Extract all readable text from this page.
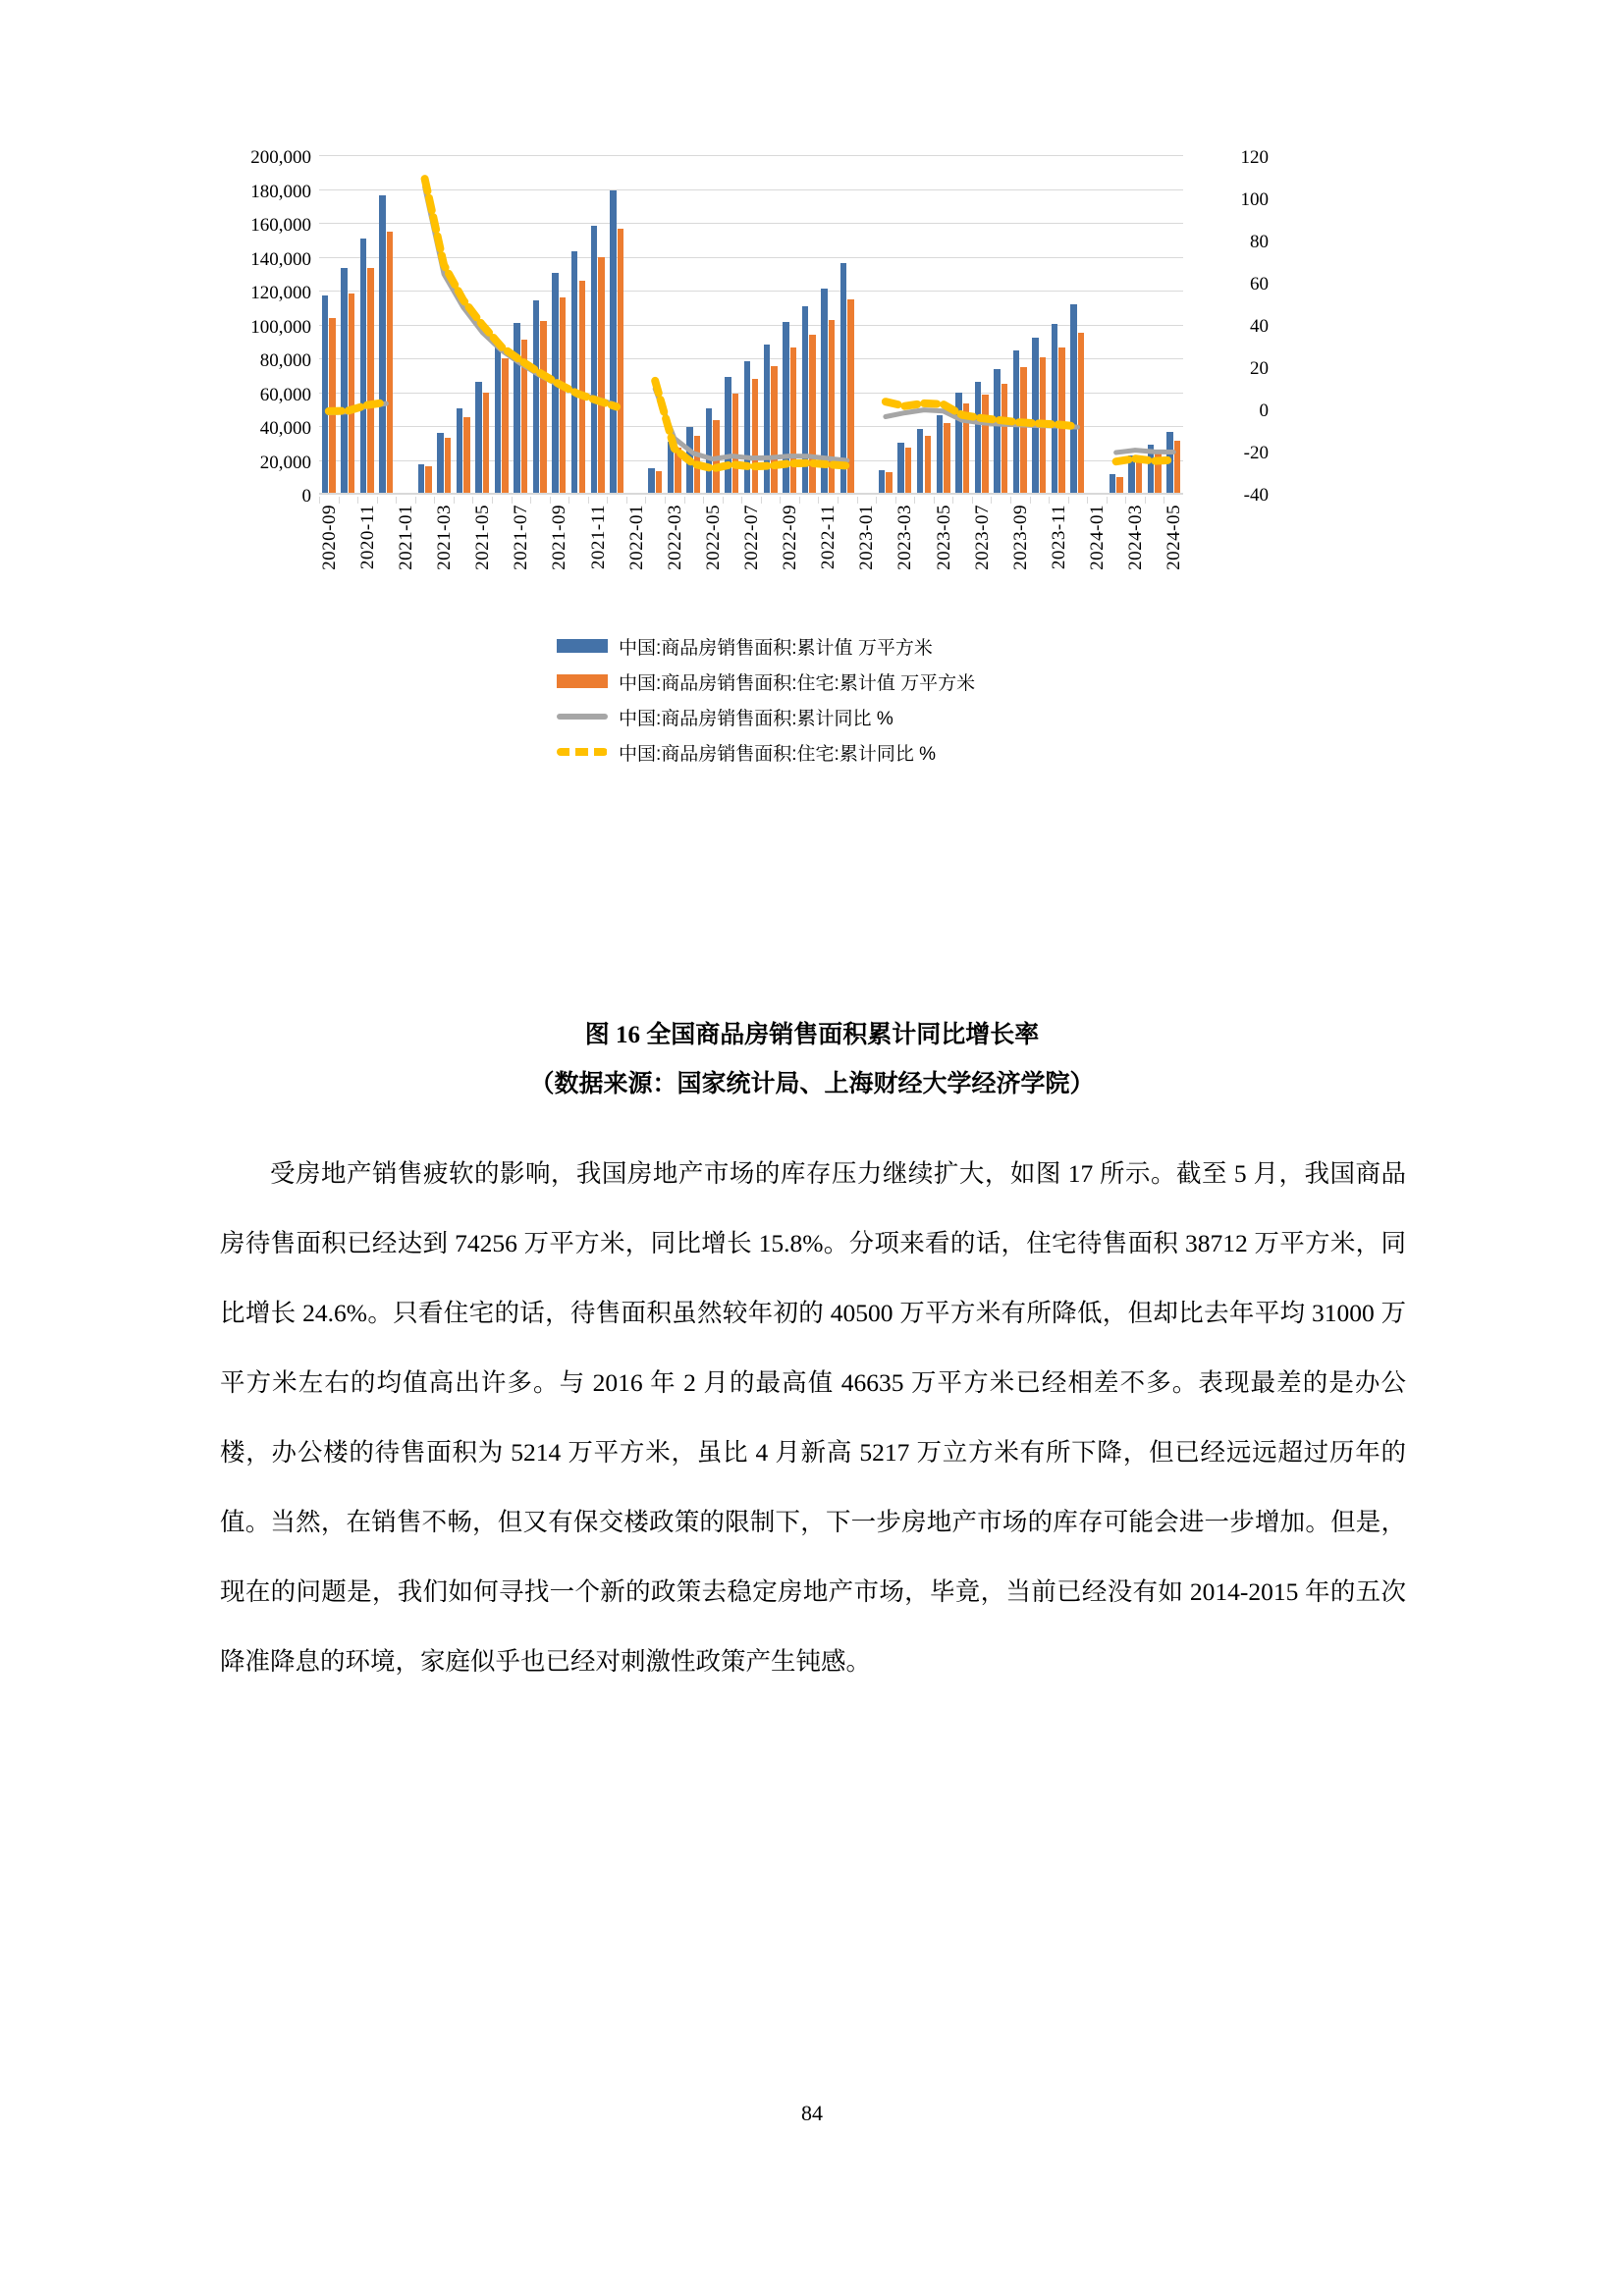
200,000
180,000
160,000
140,000
120,000
100,000
80,000
60,000
40,000
20,000
0
120
100
80
60
40
20
0
-20
-40
2020-09 2020-11 2021-01 2021-03 2021-05 2021-07 2021-09 2021-11 2022-01 2022-03 2022-05 2022-07 2022-09 2022-11 2023-01 2023-03 2023-05 2023-07 2023-09 2023-11 2024-01 2024-03 2024-05
中国:商品房销售面积:累计值 万平方米
中国:商品房销售面积:住宅:累计值 万平方米
中国:商品房销售面积:累计同比 %
中国:商品房销售面积:住宅:累计同比 %
图 16 全国商品房销售面积累计同比增长率
（数据来源：国家统计局、上海财经大学经济学院）

受房地产销售疲软的影响，我国房地产市场的库存压力继续扩大，如图 17 所示。截至 5 月，我国商品房待售面积已经达到 74256 万平方米，同比增长 15.8%。分项来看的话，住宅待售面积 38712 万平方米，同比增长 24.6%。只看住宅的话，待售面积虽然较年初的 40500 万平方米有所降低，但却比去年平均 31000 万平方米左右的均值高出许多。与 2016 年 2 月的最高值 46635 万平方米已经相差不多。表现最差的是办公楼，办公楼的待售面积为 5214 万平方米，虽比 4 月新高 5217 万立方米有所下降，但已经远远超过历年的值。当然，在销售不畅，但又有保交楼政策的限制下，下一步房地产市场的库存可能会进一步增加。但是，现在的问题是，我们如何寻找一个新的政策去稳定房地产市场，毕竟，当前已经没有如 2014-2015 年的五次降准降息的环境，家庭似乎也已经对刺激性政策产生钝感。

84
